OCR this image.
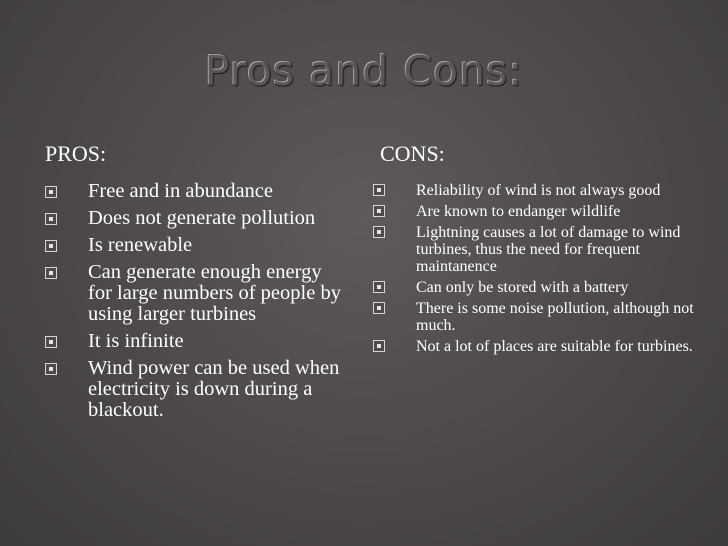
Pros and Cons:
PROS:
Free and in abundance
Does not generate pollution
Is renewable
Can generate enough energy for large numbers of people by using larger turbines
It is infinite
Wind power can be used when electricity is down during a blackout.
CONS:
Reliability of wind is not always good
Are known to endanger wildlife
Lightning causes a lot of damage to wind turbines, thus the need for frequent maintanence
Can only be stored with a battery
There is some noise pollution, although not much.
Not a lot of places are suitable for turbines.
